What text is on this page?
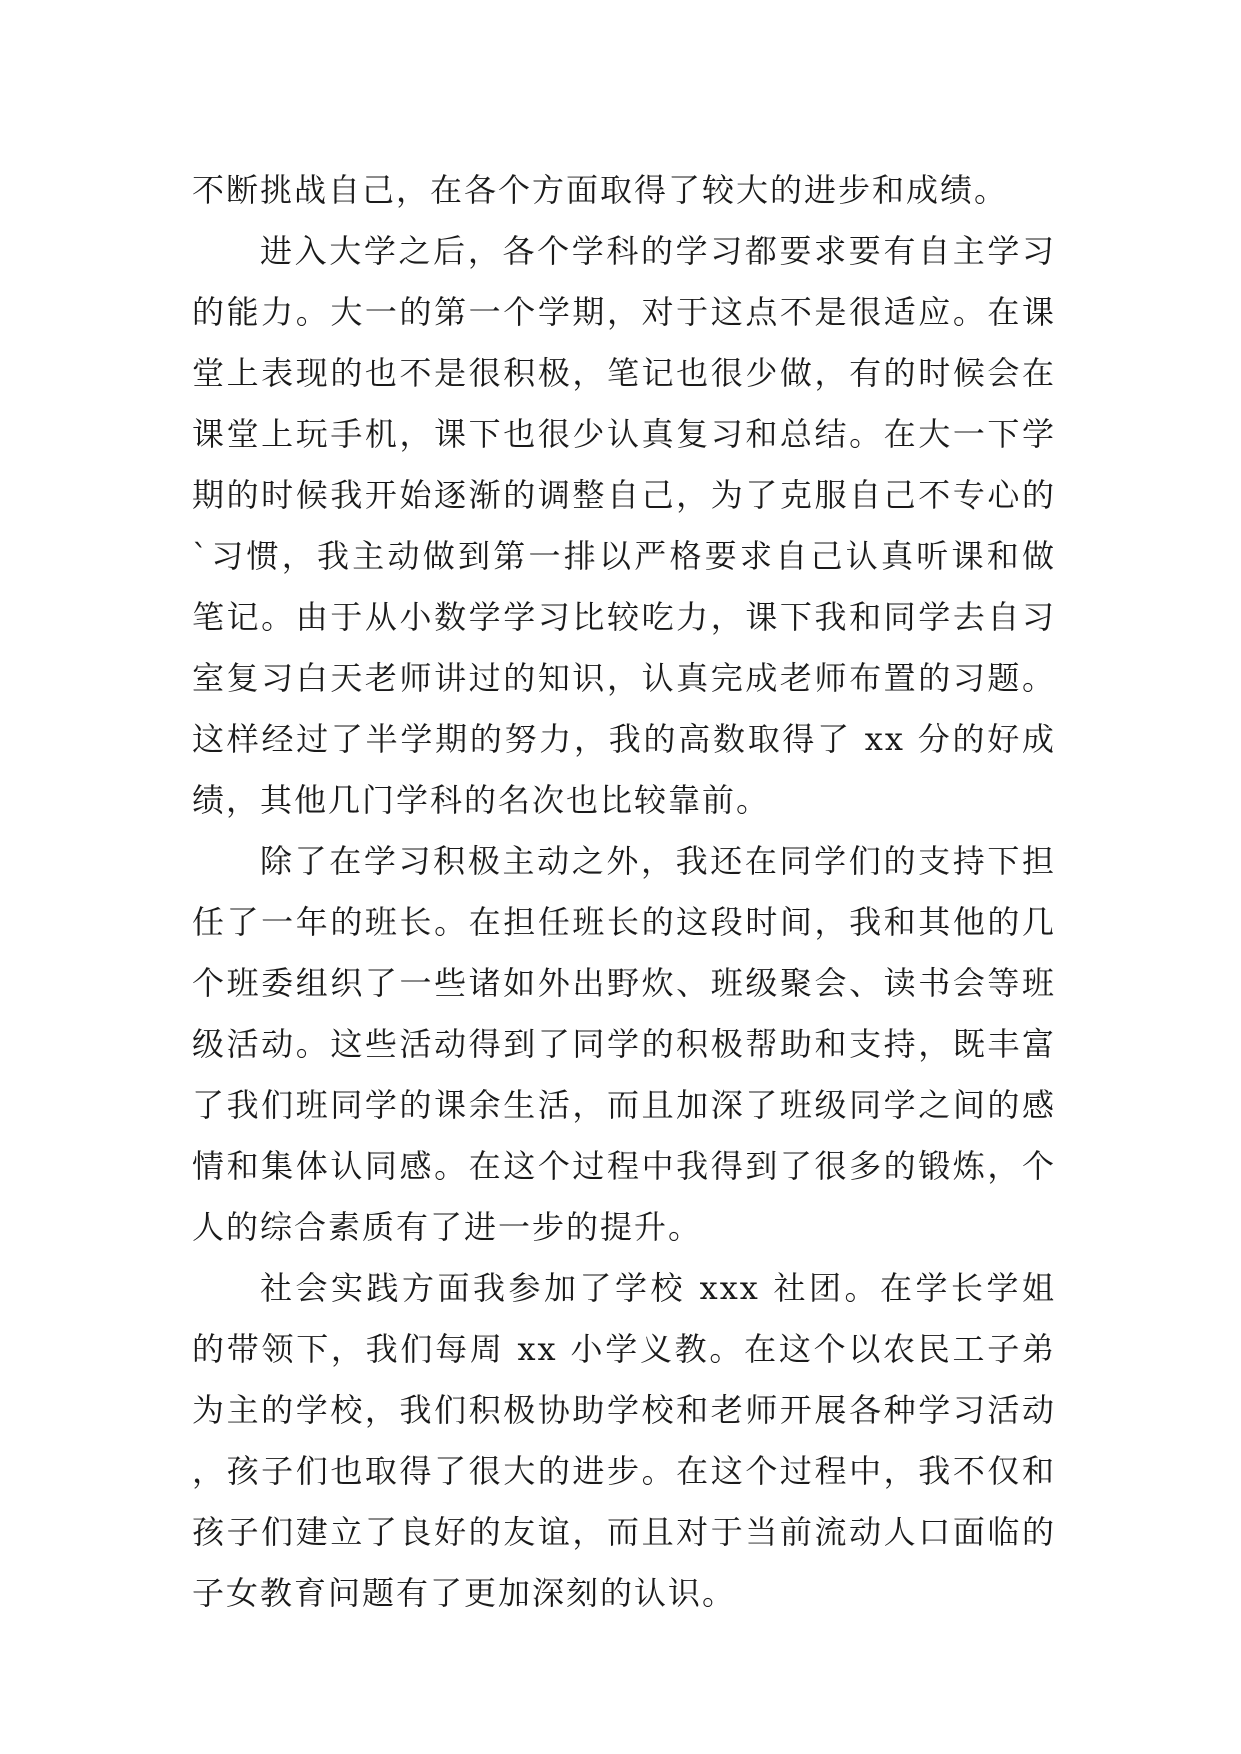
不断挑战自己，在各个方面取得了较大的进步和成绩。

进入大学之后，各个学科的学习都要求要有自主学习的能力。大一的第一个学期，对于这点不是很适应。在课堂上表现的也不是很积极，笔记也很少做，有的时候会在课堂上玩手机，课下也很少认真复习和总结。在大一下学期的时候我开始逐渐的调整自己，为了克服自己不专心的`习惯，我主动做到第一排以严格要求自己认真听课和做笔记。由于从小数学学习比较吃力，课下我和同学去自习室复习白天老师讲过的知识，认真完成老师布置的习题。这样经过了半学期的努力，我的高数取得了 xx 分的好成绩，其他几门学科的名次也比较靠前。

除了在学习积极主动之外，我还在同学们的支持下担任了一年的班长。在担任班长的这段时间，我和其他的几个班委组织了一些诸如外出野炊、班级聚会、读书会等班级活动。这些活动得到了同学的积极帮助和支持，既丰富了我们班同学的课余生活，而且加深了班级同学之间的感情和集体认同感。在这个过程中我得到了很多的锻炼，个人的综合素质有了进一步的提升。

社会实践方面我参加了学校 xxx 社团。在学长学姐的带领下，我们每周 xx 小学义教。在这个以农民工子弟为主的学校，我们积极协助学校和老师开展各种学习活动，孩子们也取得了很大的进步。在这个过程中，我不仅和孩子们建立了良好的友谊，而且对于当前流动人口面临的子女教育问题有了更加深刻的认识。
